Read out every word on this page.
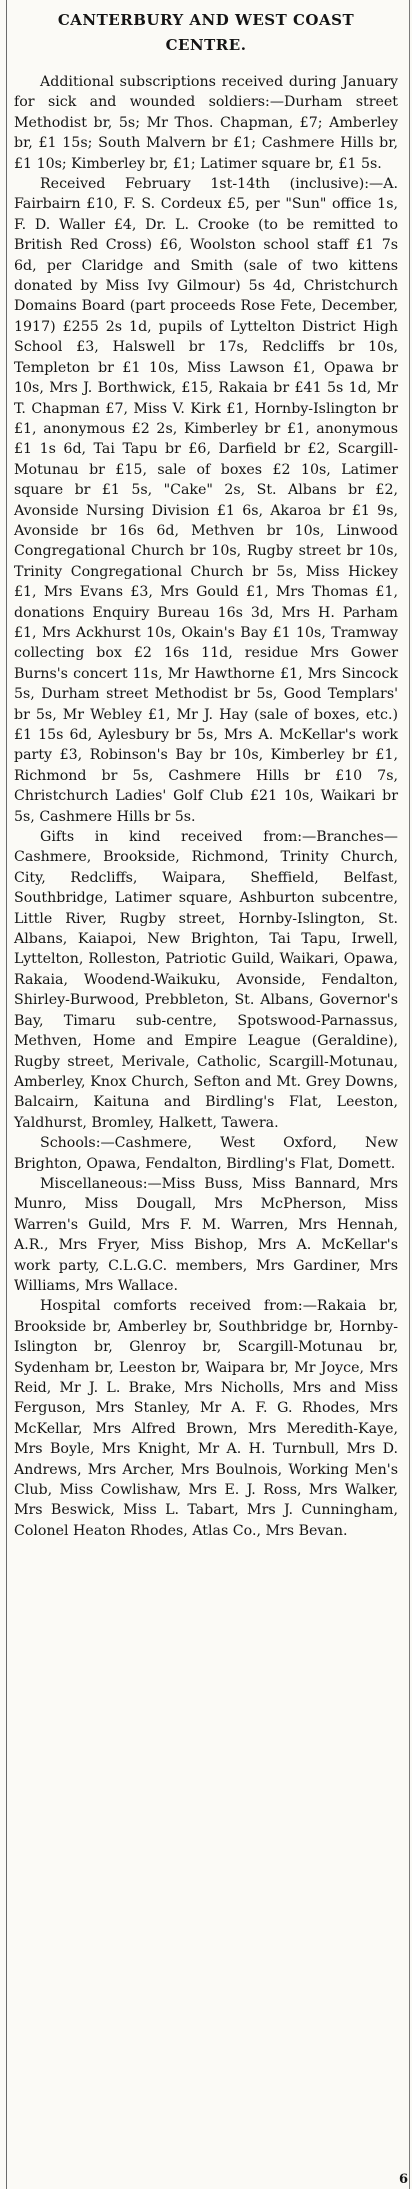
CANTERBURY AND WEST COAST
CENTRE.

Additional subscriptions received during January for sick and wounded soldiers:—Durham street Methodist br, 5s; Mr Thos. Chapman, £7; Amberley br, £1 15s; South Malvern br £1; Cashmere Hills br, £1 10s; Kimberley br, £1; Latimer square br, £1 5s.

Received February 1st-14th (inclusive):—A. Fairbairn £10, F. S. Cordeux £5, per "Sun" office 1s, F. D. Waller £4, Dr. L. Crooke (to be remitted to British Red Cross) £6, Woolston school staff £1 7s 6d, per Claridge and Smith (sale of two kittens donated by Miss Ivy Gilmour) 5s 4d, Christchurch Domains Board (part proceeds Rose Fete, December, 1917) £255 2s 1d, pupils of Lyttelton District High School £3, Halswell br 17s, Redcliffs br 10s, Templeton br £1 10s, Miss Lawson £1, Opawa br 10s, Mrs J. Borthwick, £15, Rakaia br £41 5s 1d, Mr T. Chapman £7, Miss V. Kirk £1, Hornby-Islington br £1, anonymous £2 2s, Kimberley br £1, anonymous £1 1s 6d, Tai Tapu br £6, Darfield br £2, Scargill-Motunau br £15, sale of boxes £2 10s, Latimer square br £1 5s, "Cake" 2s, St. Albans br £2, Avonside Nursing Division £1 6s, Akaroa br £1 9s, Avonside br 16s 6d, Methven br 10s, Linwood Congregational Church br 10s, Rugby street br 10s, Trinity Congregational Church br 5s, Miss Hickey £1, Mrs Evans £3, Mrs Gould £1, Mrs Thomas £1, donations Enquiry Bureau 16s 3d, Mrs H. Parham £1, Mrs Ackhurst 10s, Okain's Bay £1 10s, Tramway collecting box £2 16s 11d, residue Mrs Gower Burns's concert 11s, Mr Hawthorne £1, Mrs Sincock 5s, Durham street Methodist br 5s, Good Templars' br 5s, Mr Webley £1, Mr J. Hay (sale of boxes, etc.) £1 15s 6d, Aylesbury br 5s, Mrs A. McKellar's work party £3, Robinson's Bay br 10s, Kimberley br £1, Richmond br 5s, Cashmere Hills br £10 7s, Christchurch Ladies' Golf Club £21 10s, Waikari br 5s, Cashmere Hills br 5s.

Gifts in kind received from:—Branches—Cashmere, Brookside, Richmond, Trinity Church, City, Redcliffs, Waipara, Sheffield, Belfast, Southbridge, Latimer square, Ashburton subcentre, Little River, Rugby street, Hornby-Islington, St. Albans, Kaiapoi, New Brighton, Tai Tapu, Irwell, Lyttelton, Rolleston, Patriotic Guild, Waikari, Opawa, Rakaia, Woodend-Waikuku, Avonside, Fendalton, Shirley-Burwood, Prebbleton, St. Albans, Governor's Bay, Timaru sub-centre, Spotswood-Parnassus, Methven, Home and Empire League (Geraldine), Rugby street, Merivale, Catholic, Scargill-Motunau, Amberley, Knox Church, Sefton and Mt. Grey Downs, Balcairn, Kaituna and Birdling's Flat, Leeston, Yaldhurst, Bromley, Halkett, Tawera.

Schools:—Cashmere, West Oxford, New Brighton, Opawa, Fendalton, Birdling's Flat, Domett.

Miscellaneous:—Miss Buss, Miss Bannard, Mrs Munro, Miss Dougall, Mrs McPherson, Miss Warren's Guild, Mrs F. M. Warren, Mrs Hennah, A.R., Mrs Fryer, Miss Bishop, Mrs A. McKellar's work party, C.L.G.C. members, Mrs Gardiner, Mrs Williams, Mrs Wallace.

Hospital comforts received from:—Rakaia br, Brookside br, Amberley br, Southbridge br, Hornby-Islington br, Glenroy br, Scargill-Motunau br, Sydenham br, Leeston br, Waipara br, Mr Joyce, Mrs Reid, Mr J. L. Brake, Mrs Nicholls, Mrs and Miss Ferguson, Mrs Stanley, Mr A. F. G. Rhodes, Mrs McKellar, Mrs Alfred Brown, Mrs Meredith-Kaye, Mrs Boyle, Mrs Knight, Mr A. H. Turnbull, Mrs D. Andrews, Mrs Archer, Mrs Boulnois, Working Men's Club, Miss Cowlishaw, Mrs E. J. Ross, Mrs Walker, Mrs Beswick, Miss L. Tabart, Mrs J. Cunningham, Colonel Heaton Rhodes, Atlas Co., Mrs Bevan.

6
